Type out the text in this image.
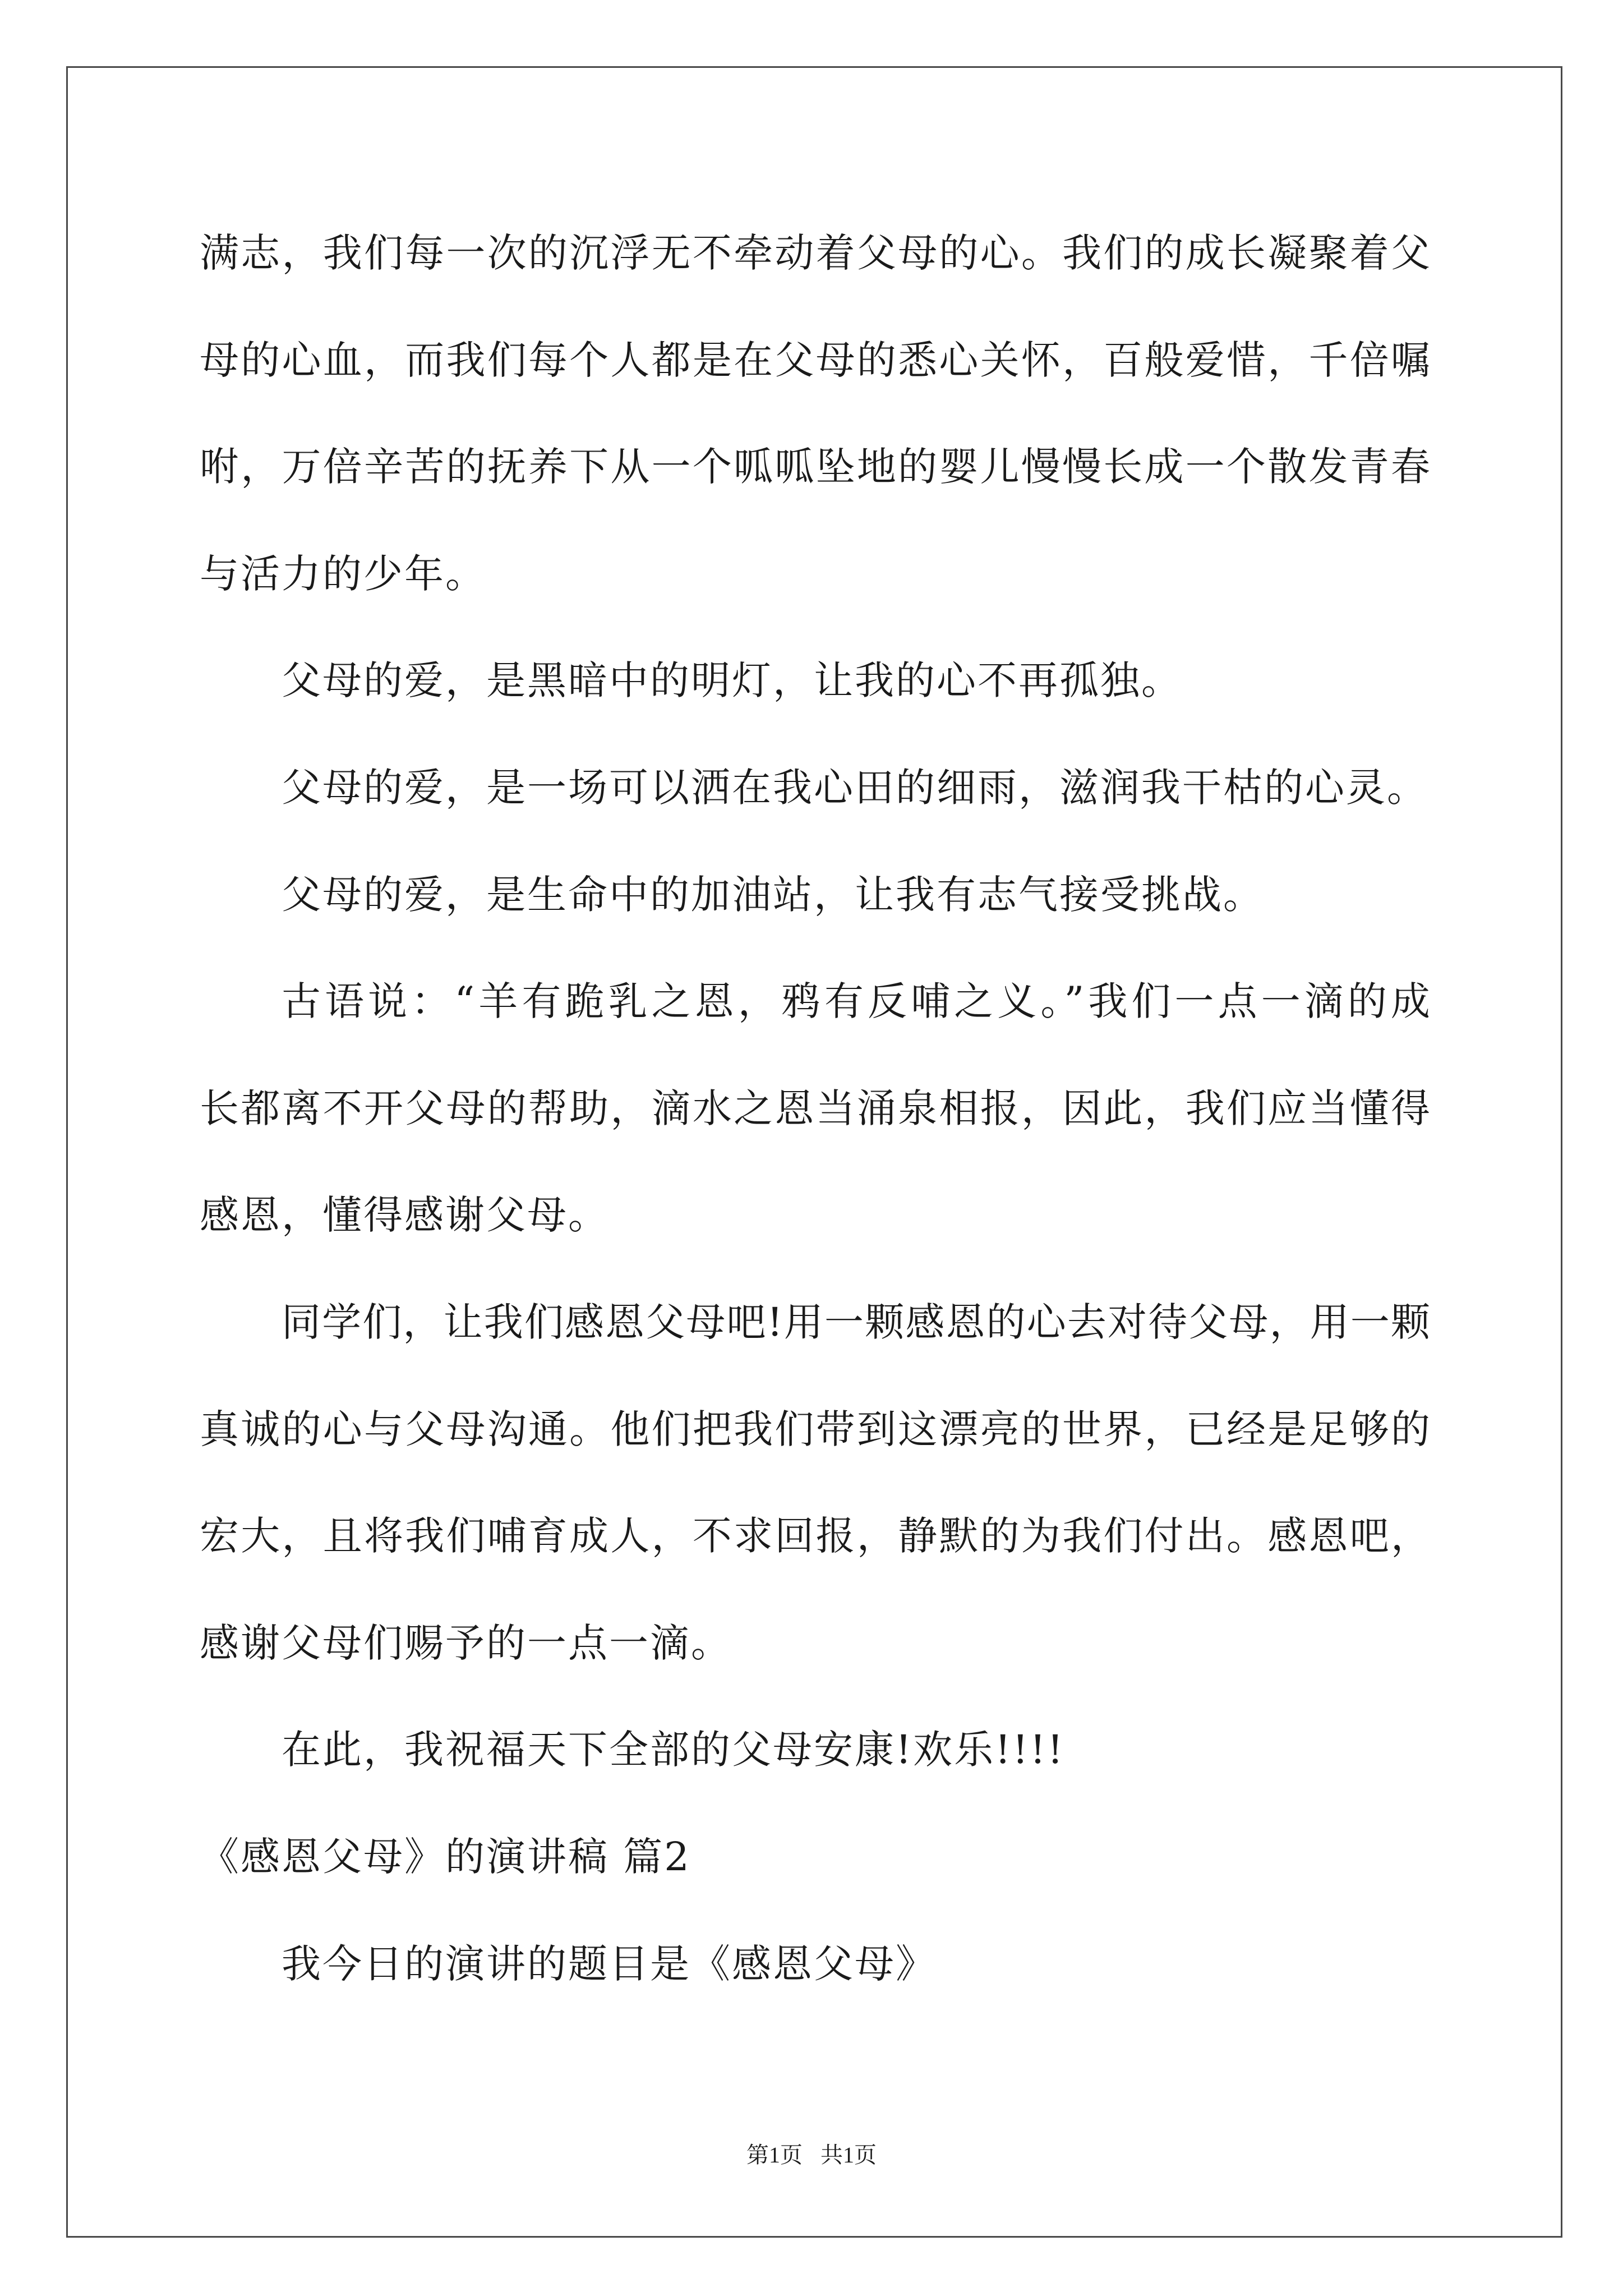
满志，我们每一次的沉浮无不牵动着父母的心。我们的成长凝聚着父
母的心血，而我们每个人都是在父母的悉心关怀，百般爱惜，千倍嘱
咐，万倍辛苦的抚养下从一个呱呱坠地的婴儿慢慢长成一个散发青春
与活力的少年。
父母的爱，是黑暗中的明灯，让我的心不再孤独。
父母的爱，是一场可以洒在我心田的细雨，滋润我干枯的心灵。
父母的爱，是生命中的加油站，让我有志气接受挑战。
古语说：“羊有跪乳之恩，鸦有反哺之义。”我们一点一滴的成
长都离不开父母的帮助，滴水之恩当涌泉相报，因此，我们应当懂得
感恩，懂得感谢父母。
同学们，让我们感恩父母吧!用一颗感恩的心去对待父母，用一颗
真诚的心与父母沟通。他们把我们带到这漂亮的世界，已经是足够的
宏大，且将我们哺育成人，不求回报，静默的为我们付出。感恩吧，
感谢父母们赐予的一点一滴。
在此，我祝福天下全部的父母安康!欢乐!!!!
《感恩父母》的演讲稿 篇2
我今日的演讲的题目是《感恩父母》
第1页 共1页
